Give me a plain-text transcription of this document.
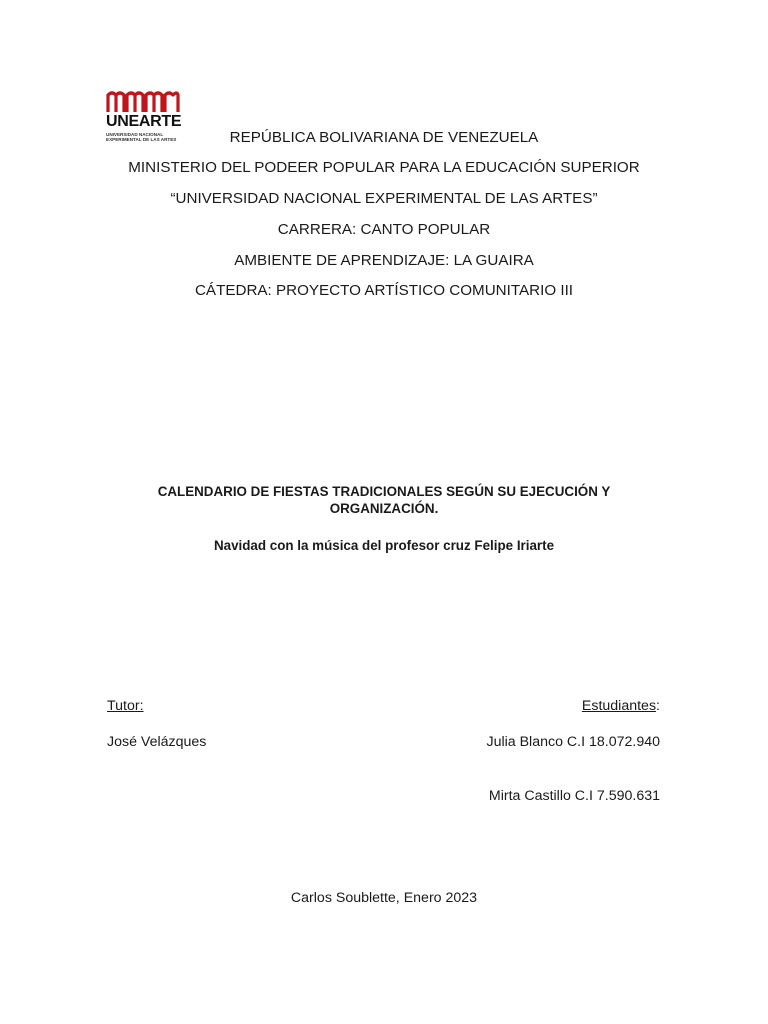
UNEARTE
UNIVERSIDAD NACIONAL
EXPERIMENTAL DE LAS ARTES	REPÚBLICA BOLIVARIANA DE VENEZUELA
MINISTERIO DEL PODEER POPULAR PARA LA EDUCACIÓN SUPERIOR
“UNIVERSIDAD NACIONAL EXPERIMENTAL DE LAS ARTES”
CARRERA: CANTO POPULAR
AMBIENTE DE APRENDIZAJE: LA GUAIRA
CÁTEDRA: PROYECTO ARTÍSTICO COMUNITARIO III
CALENDARIO DE FIESTAS TRADICIONALES SEGÚN SU EJECUCIÓN Y
ORGANIZACIÓN.
Navidad con la música del profesor cruz Felipe Iriarte
Tutor:
José Velázques
Estudiantes:
Julia Blanco C.I 18.072.940
Mirta Castillo C.I 7.590.631
Carlos Soublette, Enero 2023
